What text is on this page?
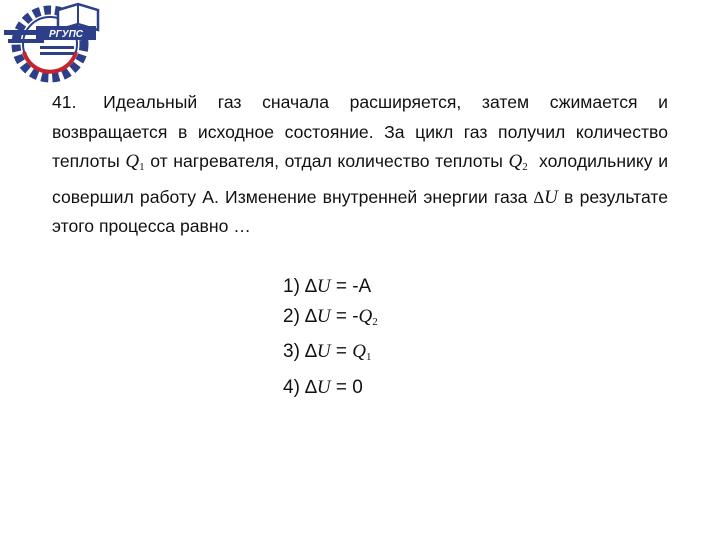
РГУПС
41. Идеальный газ сначала расширяется, затем сжимается и возвращается в исходное состояние. За цикл газ получил количество теплоты $Q_1$ от нагревателя, отдал количество теплоты $Q_2$ холодильнику и совершил работу А. Изменение внутренней энергии газа ∆U в результате этого процесса равно …
1) ∆U = -А
2) $\Delta U = -Q_2$
3) $\Delta U = Q_1$
4) ∆U = 0
